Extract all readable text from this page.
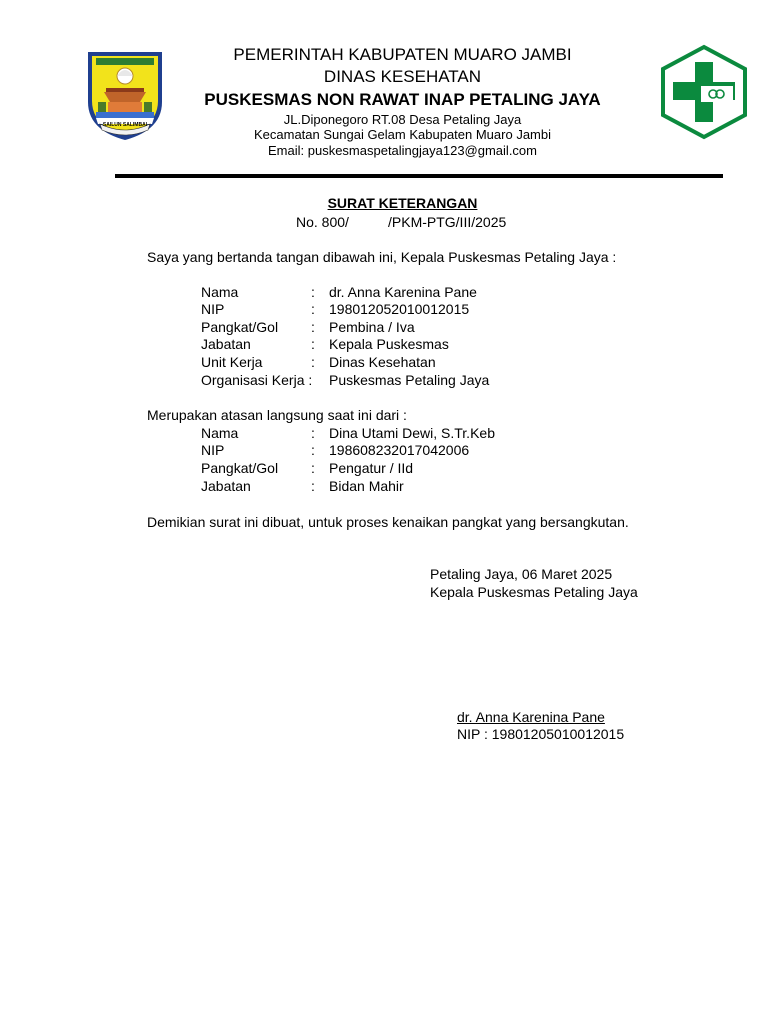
SAILUN SALIMBAI
PEMERINTAH KABUPATEN MUARO JAMBI
DINAS KESEHATAN
PUSKESMAS NON RAWAT INAP PETALING JAYA
JL.Diponegoro RT.08 Desa Petaling Jaya
Kecamatan Sungai Gelam Kabupaten Muaro Jambi
Email: puskesmaspetalingjaya123@gmail.com
SURAT KETERANGAN
No. 800/	/PKM-PTG/III/2025
Saya yang bertanda tangan dibawah ini, Kepala Puskesmas Petaling Jaya :
Nama	: dr. Anna Karenina Pane
NIP	: 198012052010012015
Pangkat/Gol : Pembina / Iva
Jabatan	: Kepala Puskesmas
Unit Kerja	: Dinas Kesehatan
Organisasi Kerja : Puskesmas Petaling Jaya
Merupakan atasan langsung saat ini dari :
Nama	: Dina Utami Dewi, S.Tr.Keb
NIP	: 198608232017042006
Pangkat/Gol : Pengatur / IId
Jabatan	: Bidan Mahir
Demikian surat ini dibuat, untuk proses kenaikan pangkat yang bersangkutan.
Petaling Jaya, 06 Maret 2025
Kepala Puskesmas Petaling Jaya
dr. Anna Karenina Pane
NIP : 19801205010012015
